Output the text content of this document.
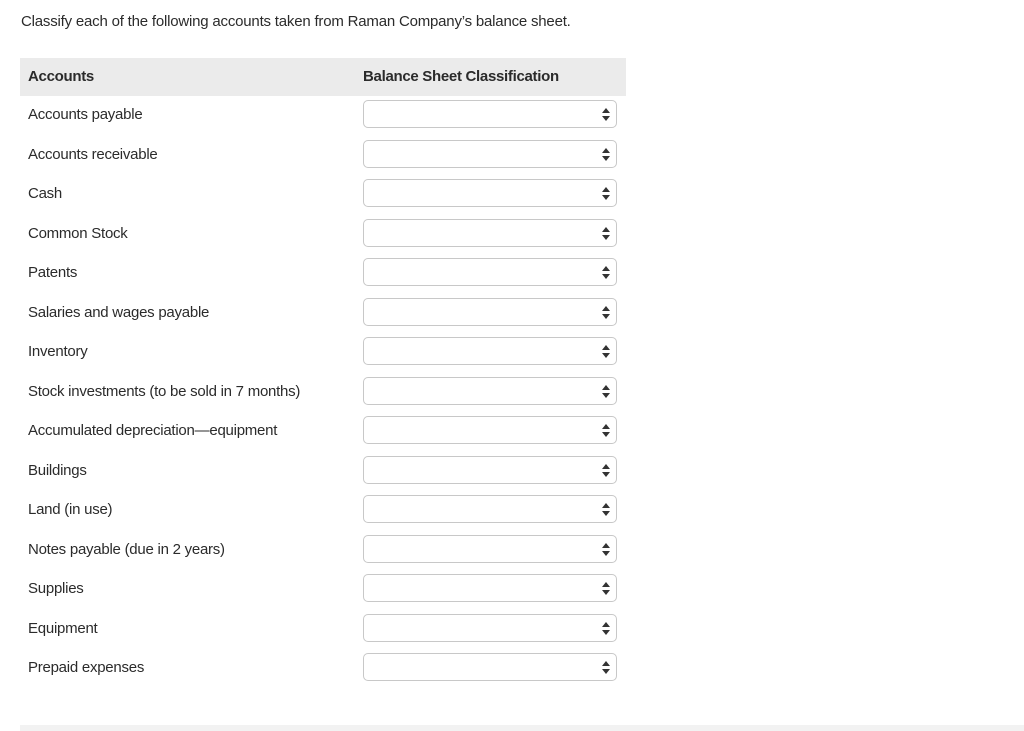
Classify each of the following accounts taken from Raman Company’s balance sheet.
Accounts	Balance Sheet Classification
Accounts payable
Accounts receivable
Cash
Common Stock
Patents
Salaries and wages payable
Inventory
Stock investments (to be sold in 7 months)
Accumulated depreciation—equipment
Buildings
Land (in use)
Notes payable (due in 2 years)
Supplies
Equipment
Prepaid expenses
